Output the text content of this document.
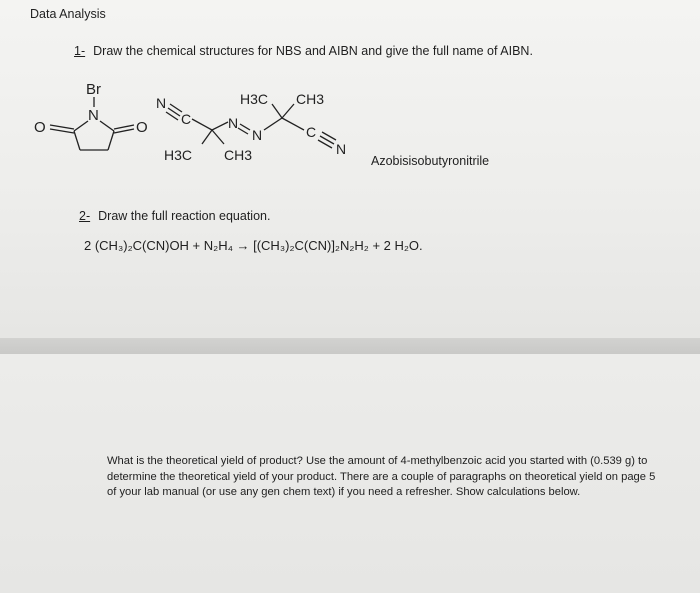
Data Analysis
1- Draw the chemical structures for NBS and AIBN and give the full name of AIBN.
Br
N
O	O
N
C
H3C CH3
N
N	C
N
H3C CH3	Azobisisobutyronitrile
2- Draw the full reaction equation.
2 (CH₃)₂C(CN)OH + N₂H₄ → [(CH₃)₂C(CN)]₂N₂H₂ + 2 H₂O.
What is the theoretical yield of product? Use the amount of 4-methylbenzoic acid you started with (0.539 g) to determine the theoretical yield of your product. There are a couple of paragraphs on theoretical yield on page 5 of your lab manual (or use any gen chem text) if you need a refresher. Show calculations below.
